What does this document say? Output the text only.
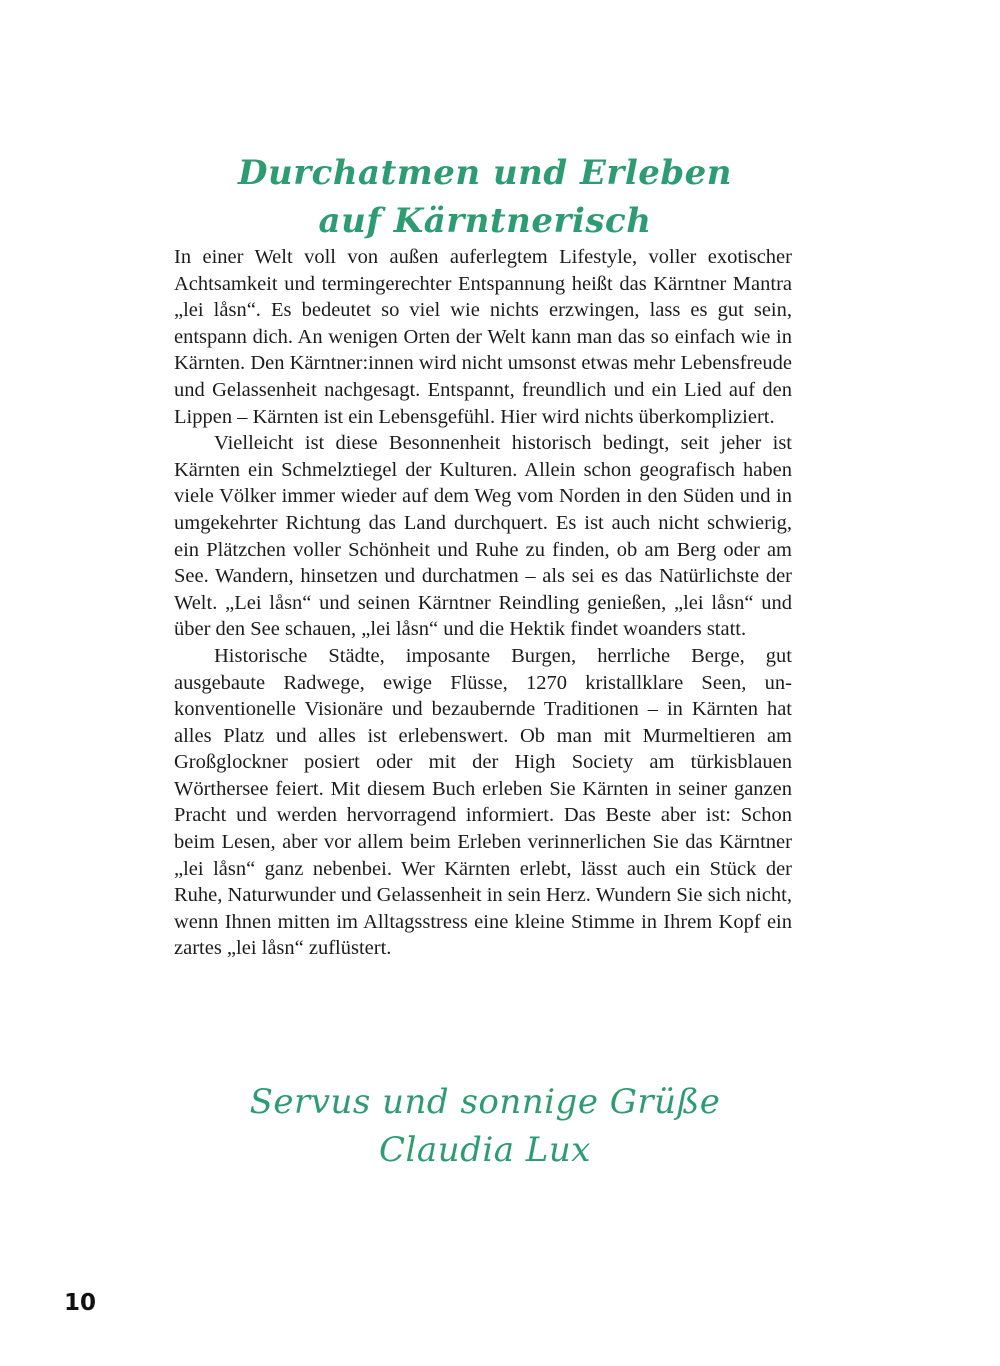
Durchatmen und Erleben
auf Kärntnerisch

In einer Welt voll von außen auferlegtem Lifestyle, voller exotischer Achtsamkeit und termingerechter Entspannung heißt das Kärntner Mantra „lei låsn“. Es bedeutet so viel wie nichts erzwingen, lass es gut sein, entspann dich. An wenigen Orten der Welt kann man das so einfach wie in Kärnten. Den Kärntner:innen wird nicht umsonst etwas mehr Lebensfreude und Gelassenheit nachgesagt. Entspannt, freundlich und ein Lied auf den Lippen – Kärnten ist ein Lebensgefühl. Hier wird nichts überkompliziert.

Vielleicht ist diese Besonnenheit historisch bedingt, seit jeher ist Kärnten ein Schmelztiegel der Kulturen. Allein schon geografisch haben viele Völker immer wieder auf dem Weg vom Norden in den Süden und in umgekehrter Richtung das Land durchquert. Es ist auch nicht schwierig, ein Plätzchen voller Schönheit und Ruhe zu finden, ob am Berg oder am See. Wandern, hinsetzen und durchatmen – als sei es das Natürlichste der Welt. „Lei låsn“ und seinen Kärntner Reindling genießen, „lei låsn“ und über den See schauen, „lei låsn“ und die Hektik findet woanders statt.

Historische Städte, imposante Burgen, herrliche Berge, gut ausgebaute Radwege, ewige Flüsse, 1270 kristallklare Seen, unkonventionelle Visionäre und bezaubernde Traditionen – in Kärnten hat alles Platz und alles ist erlebenswert. Ob man mit Murmeltieren am Großglockner posiert oder mit der High Society am türkisblauen Wörthersee feiert. Mit diesem Buch erleben Sie Kärnten in seiner ganzen Pracht und werden hervorragend informiert. Das Beste aber ist: Schon beim Lesen, aber vor allem beim Erleben verinnerlichen Sie das Kärntner „lei låsn“ ganz nebenbei. Wer Kärnten erlebt, lässt auch ein Stück der Ruhe, Naturwunder und Gelassenheit in sein Herz. Wundern Sie sich nicht, wenn Ihnen mitten im Alltagsstress eine kleine Stimme in Ihrem Kopf ein zartes „lei låsn“ zuflüstert.

Servus und sonnige Grüße
Claudia Lux
10
